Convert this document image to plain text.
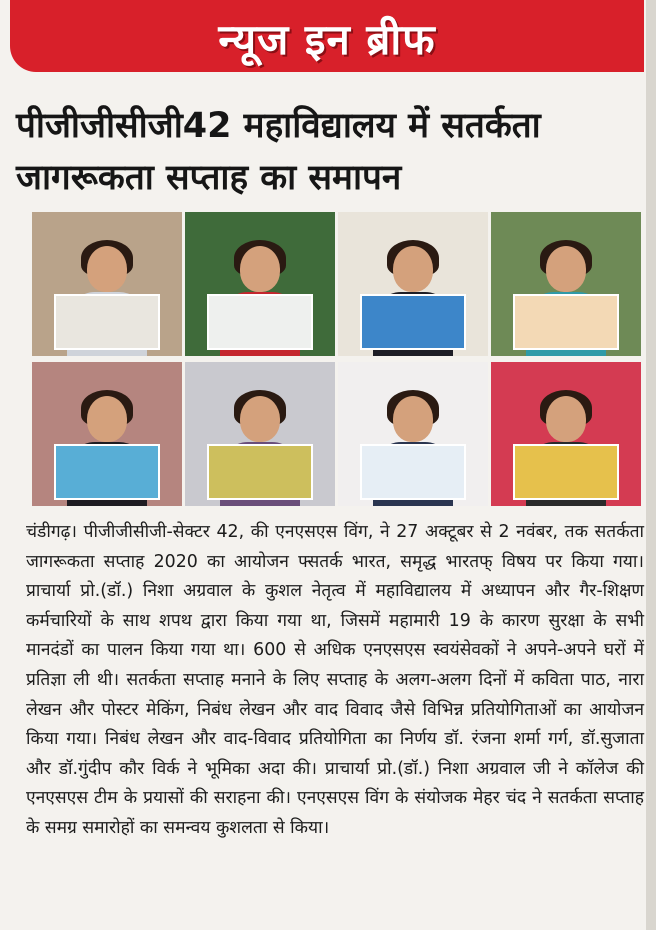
न्यूज इन ब्रीफ
पीजीजीसीजी42 महाविद्यालय में सतर्कता जागरूकता सप्ताह का समापन

चंडीगढ़। पीजीजीसीजी-सेक्टर 42, की एनएसएस विंग, ने 27 अक्टूबर से 2 नवंबर, तक सतर्कता जागरूकता सप्ताह 2020 का आयोजन फ्सतर्क भारत, समृद्ध भारतफ् विषय पर किया गया। प्राचार्या प्रो.(डॉ.) निशा अग्रवाल के कुशल नेतृत्व में महाविद्यालय में अध्यापन और गैर-शिक्षण कर्मचारियों के साथ शपथ द्वारा किया गया था, जिसमें महामारी 19 के कारण सुरक्षा के सभी मानदंडों का पालन किया गया था। 600 से अधिक एनएसएस स्वयंसेवकों ने अपने-अपने घरों में प्रतिज्ञा ली थी। सतर्कता सप्ताह मनाने के लिए सप्ताह के अलग-अलग दिनों में कविता पाठ, नारा लेखन और पोस्टर मेकिंग, निबंध लेखन और वाद विवाद जैसे विभिन्न प्रतियोगिताओं का आयोजन किया गया। निबंध लेखन और वाद-विवाद प्रतियोगिता का निर्णय डॉ. रंजना शर्मा गर्ग, डॉ.सुजाता और डॉ.गुंदीप कौर विर्क ने भूमिका अदा की। प्राचार्या प्रो.(डॉ.) निशा अग्रवाल जी ने कॉलेज की एनएसएस टीम के प्रयासों की सराहना की। एनएसएस विंग के संयोजक मेहर चंद ने सतर्कता सप्ताह के समग्र समारोहों का समन्वय कुशलता से किया।
